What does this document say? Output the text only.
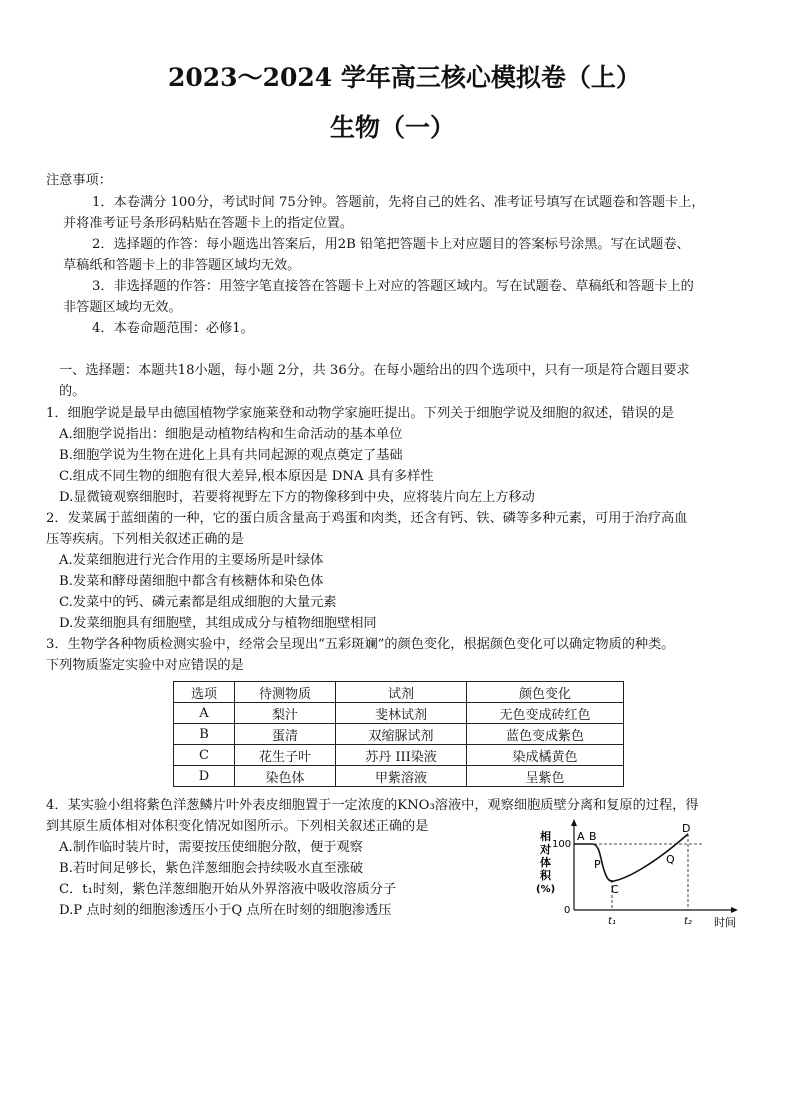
2023～2024 学年高三核心模拟卷（上）
生物（一）
注意事项：
1．本卷满分 100分，考试时间 75分钟。答题前，先将自己的姓名、准考证号填写在试题卷和答题卡上，
并将准考证号条形码粘贴在答题卡上的指定位置。
2．选择题的作答：每小题选出答案后，用2B 铅笔把答题卡上对应题目的答案标号涂黑。写在试题卷、
草稿纸和答题卡上的非答题区域均无效。
3．非选择题的作答：用签字笔直接答在答题卡上对应的答题区域内。写在试题卷、草稿纸和答题卡上的
非答题区域均无效。
4．本卷命题范围：必修1。
一、选择题：本题共18小题，每小题 2分，共 36分。在每小题给出的四个选项中，只有一项是符合题目要求
的。
1．细胞学说是最早由德国植物学家施莱登和动物学家施旺提出。下列关于细胞学说及细胞的叙述，错误的是
A.细胞学说指出：细胞是动植物结构和生命活动的基本单位
B.细胞学说为生物在进化上具有共同起源的观点奠定了基础
C.组成不同生物的细胞有很大差异,根本原因是 DNA 具有多样性
D.显微镜观察细胞时，若要将视野左下方的物像移到中央，应将装片向左上方移动
2．发菜属于蓝细菌的一种，它的蛋白质含量高于鸡蛋和肉类，还含有钙、铁、磷等多种元素，可用于治疗高血
压等疾病。下列相关叙述正确的是
A.发菜细胞进行光合作用的主要场所是叶绿体
B.发菜和酵母菌细胞中都含有核糖体和染色体
C.发菜中的钙、磷元素都是组成细胞的大量元素
D.发菜细胞具有细胞壁，其组成成分与植物细胞壁相同
3．生物学各种物质检测实验中，经常会呈现出“五彩斑斓”的颜色变化，根据颜色变化可以确定物质的种类。
下列物质鉴定实验中对应错误的是
选项	待测物质	试剂	颜色变化
A	梨汁	斐林试剂	无色变成砖红色
B	蛋清	双缩脲试剂	蓝色变成紫色
C	花生子叶	苏丹 III染液	染成橘黄色
D	染色体	甲紫溶液	呈紫色
4．某实验小组将紫色洋葱鳞片叶外表皮细胞置于一定浓度的KNO₃溶液中，观察细胞质壁分离和复原的过程，得
到其原生质体相对体积变化情况如图所示。下列相关叙述正确的是
A.制作临时装片时，需要按压使细胞分散，便于观察
B.若时间足够长，紫色洋葱细胞会持续吸水直至涨破
C．t₁时刻，紫色洋葱细胞开始从外界溶液中吸收溶质分子
D.P 点时刻的细胞渗透压小于Q 点所在时刻的细胞渗透压
相
对
体
积
(%)
100
0
A B
P
C
Q
D
t₁	t₂ 时间
